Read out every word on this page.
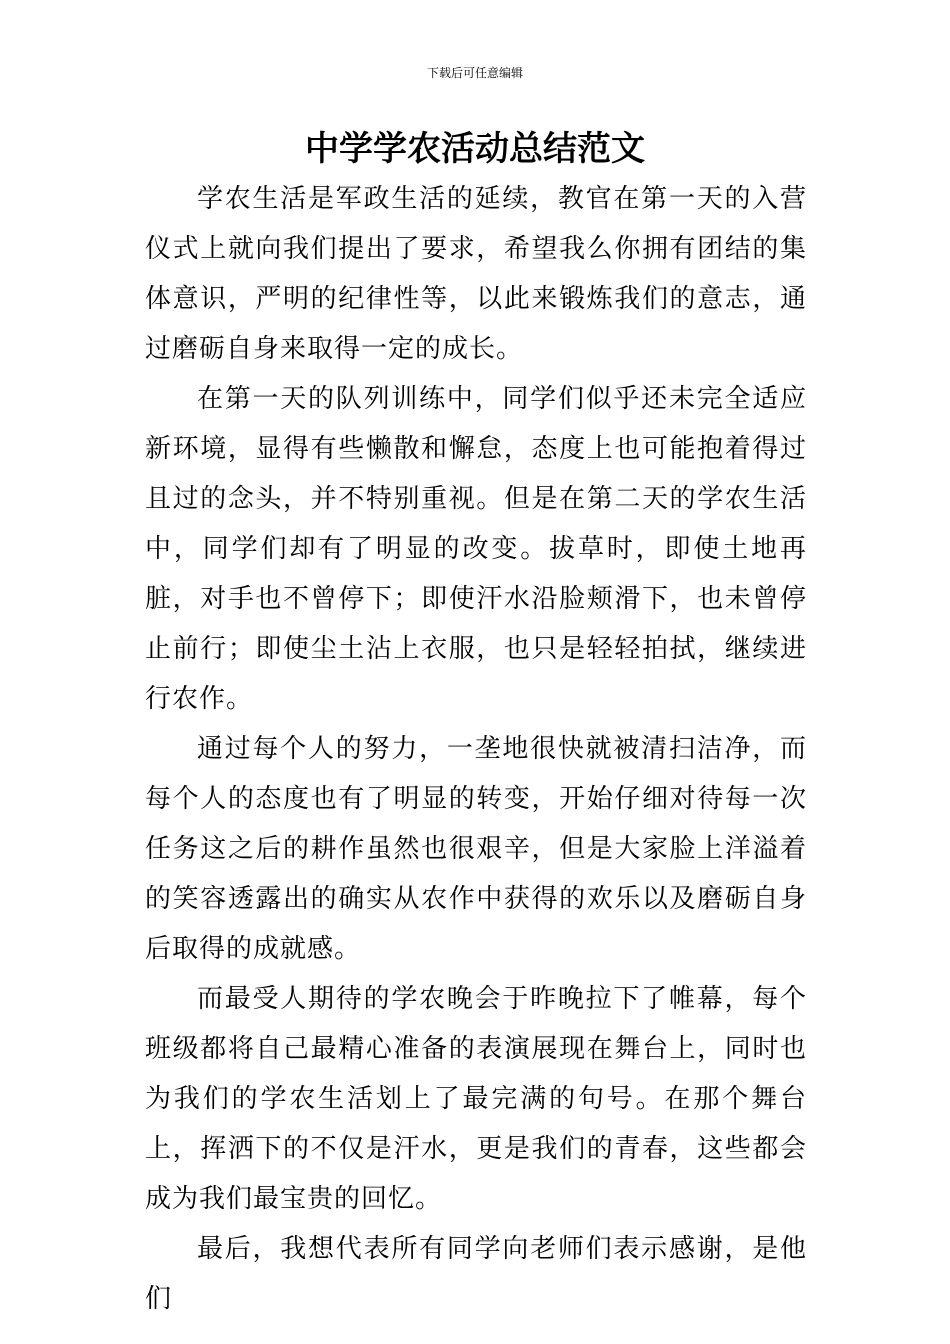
下载后可任意编辑
中学学农活动总结范文

学农生活是军政生活的延续，教官在第一天的入营仪式上就向我们提出了要求，希望我么你拥有团结的集体意识，严明的纪律性等，以此来锻炼我们的意志，通过磨砺自身来取得一定的成长。

在第一天的队列训练中，同学们似乎还未完全适应新环境，显得有些懒散和懈怠，态度上也可能抱着得过且过的念头，并不特别重视。但是在第二天的学农生活中，同学们却有了明显的改变。拔草时，即使土地再脏，对手也不曾停下；即使汗水沿脸颊滑下，也未曾停止前行；即使尘土沾上衣服，也只是轻轻拍拭，继续进行农作。

通过每个人的努力，一垄地很快就被清扫洁净，而每个人的态度也有了明显的转变，开始仔细对待每一次任务这之后的耕作虽然也很艰辛，但是大家脸上洋溢着的笑容透露出的确实从农作中获得的欢乐以及磨砺自身后取得的成就感。

而最受人期待的学农晚会于昨晚拉下了帷幕，每个班级都将自己最精心准备的表演展现在舞台上，同时也为我们的学农生活划上了最完满的句号。在那个舞台上，挥洒下的不仅是汗水，更是我们的青春，这些都会成为我们最宝贵的回忆。

最后，我想代表所有同学向老师们表示感谢，是他们
